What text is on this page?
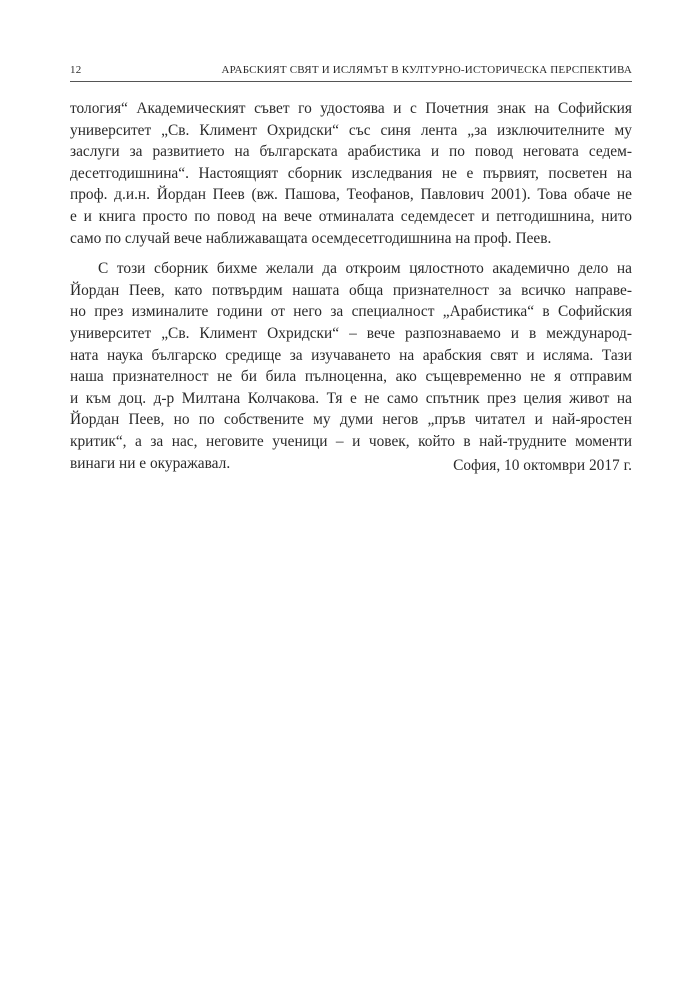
12	АРАБСКИЯТ СВЯТ И ИСЛЯМЪТ В КУЛТУРНО-ИСТОРИЧЕСКА ПЕРСПЕКТИВА
тология“ Академическият съвет го удостоява и с Почетния знак на Софийския
университет „Св. Климент Охридски“ със синя лента „за изключителните му
заслуги за развитието на българската арабистика и по повод неговата седем-
десетгодишнина“. Настоящият сборник изследвания не е първият, посветен на
проф. д.и.н. Йордан Пеев (вж. Пашова, Теофанов, Павлович 2001). Това обаче не
е и книга просто по повод на вече отминалата седемдесет и петгодишнина, нито
само по случай вече наближаващата осемдесетгодишнина на проф. Пеев.
С този сборник бихме желали да откроим цялостното академично дело на
Йордан Пеев, като потвърдим нашата обща признателност за всичко направе-
но през изминалите години от него за специалност „Арабистика“ в Софийския
университет „Св. Климент Охридски“ – вече разпознаваемо и в международ-
ната наука българско средище за изучаването на арабския свят и исляма. Тази
наша признателност не би била пълноценна, ако същевременно не я отправим
и към доц. д-р Милтана Колчакова. Тя е не само спътник през целия живот на
Йордан Пеев, но по собствените му думи негов „пръв читател и най-яростен
критик“, а за нас, неговите ученици – и човек, който в най-трудните моменти
винаги ни е окуражавал.	София, 10 октомври 2017 г.
